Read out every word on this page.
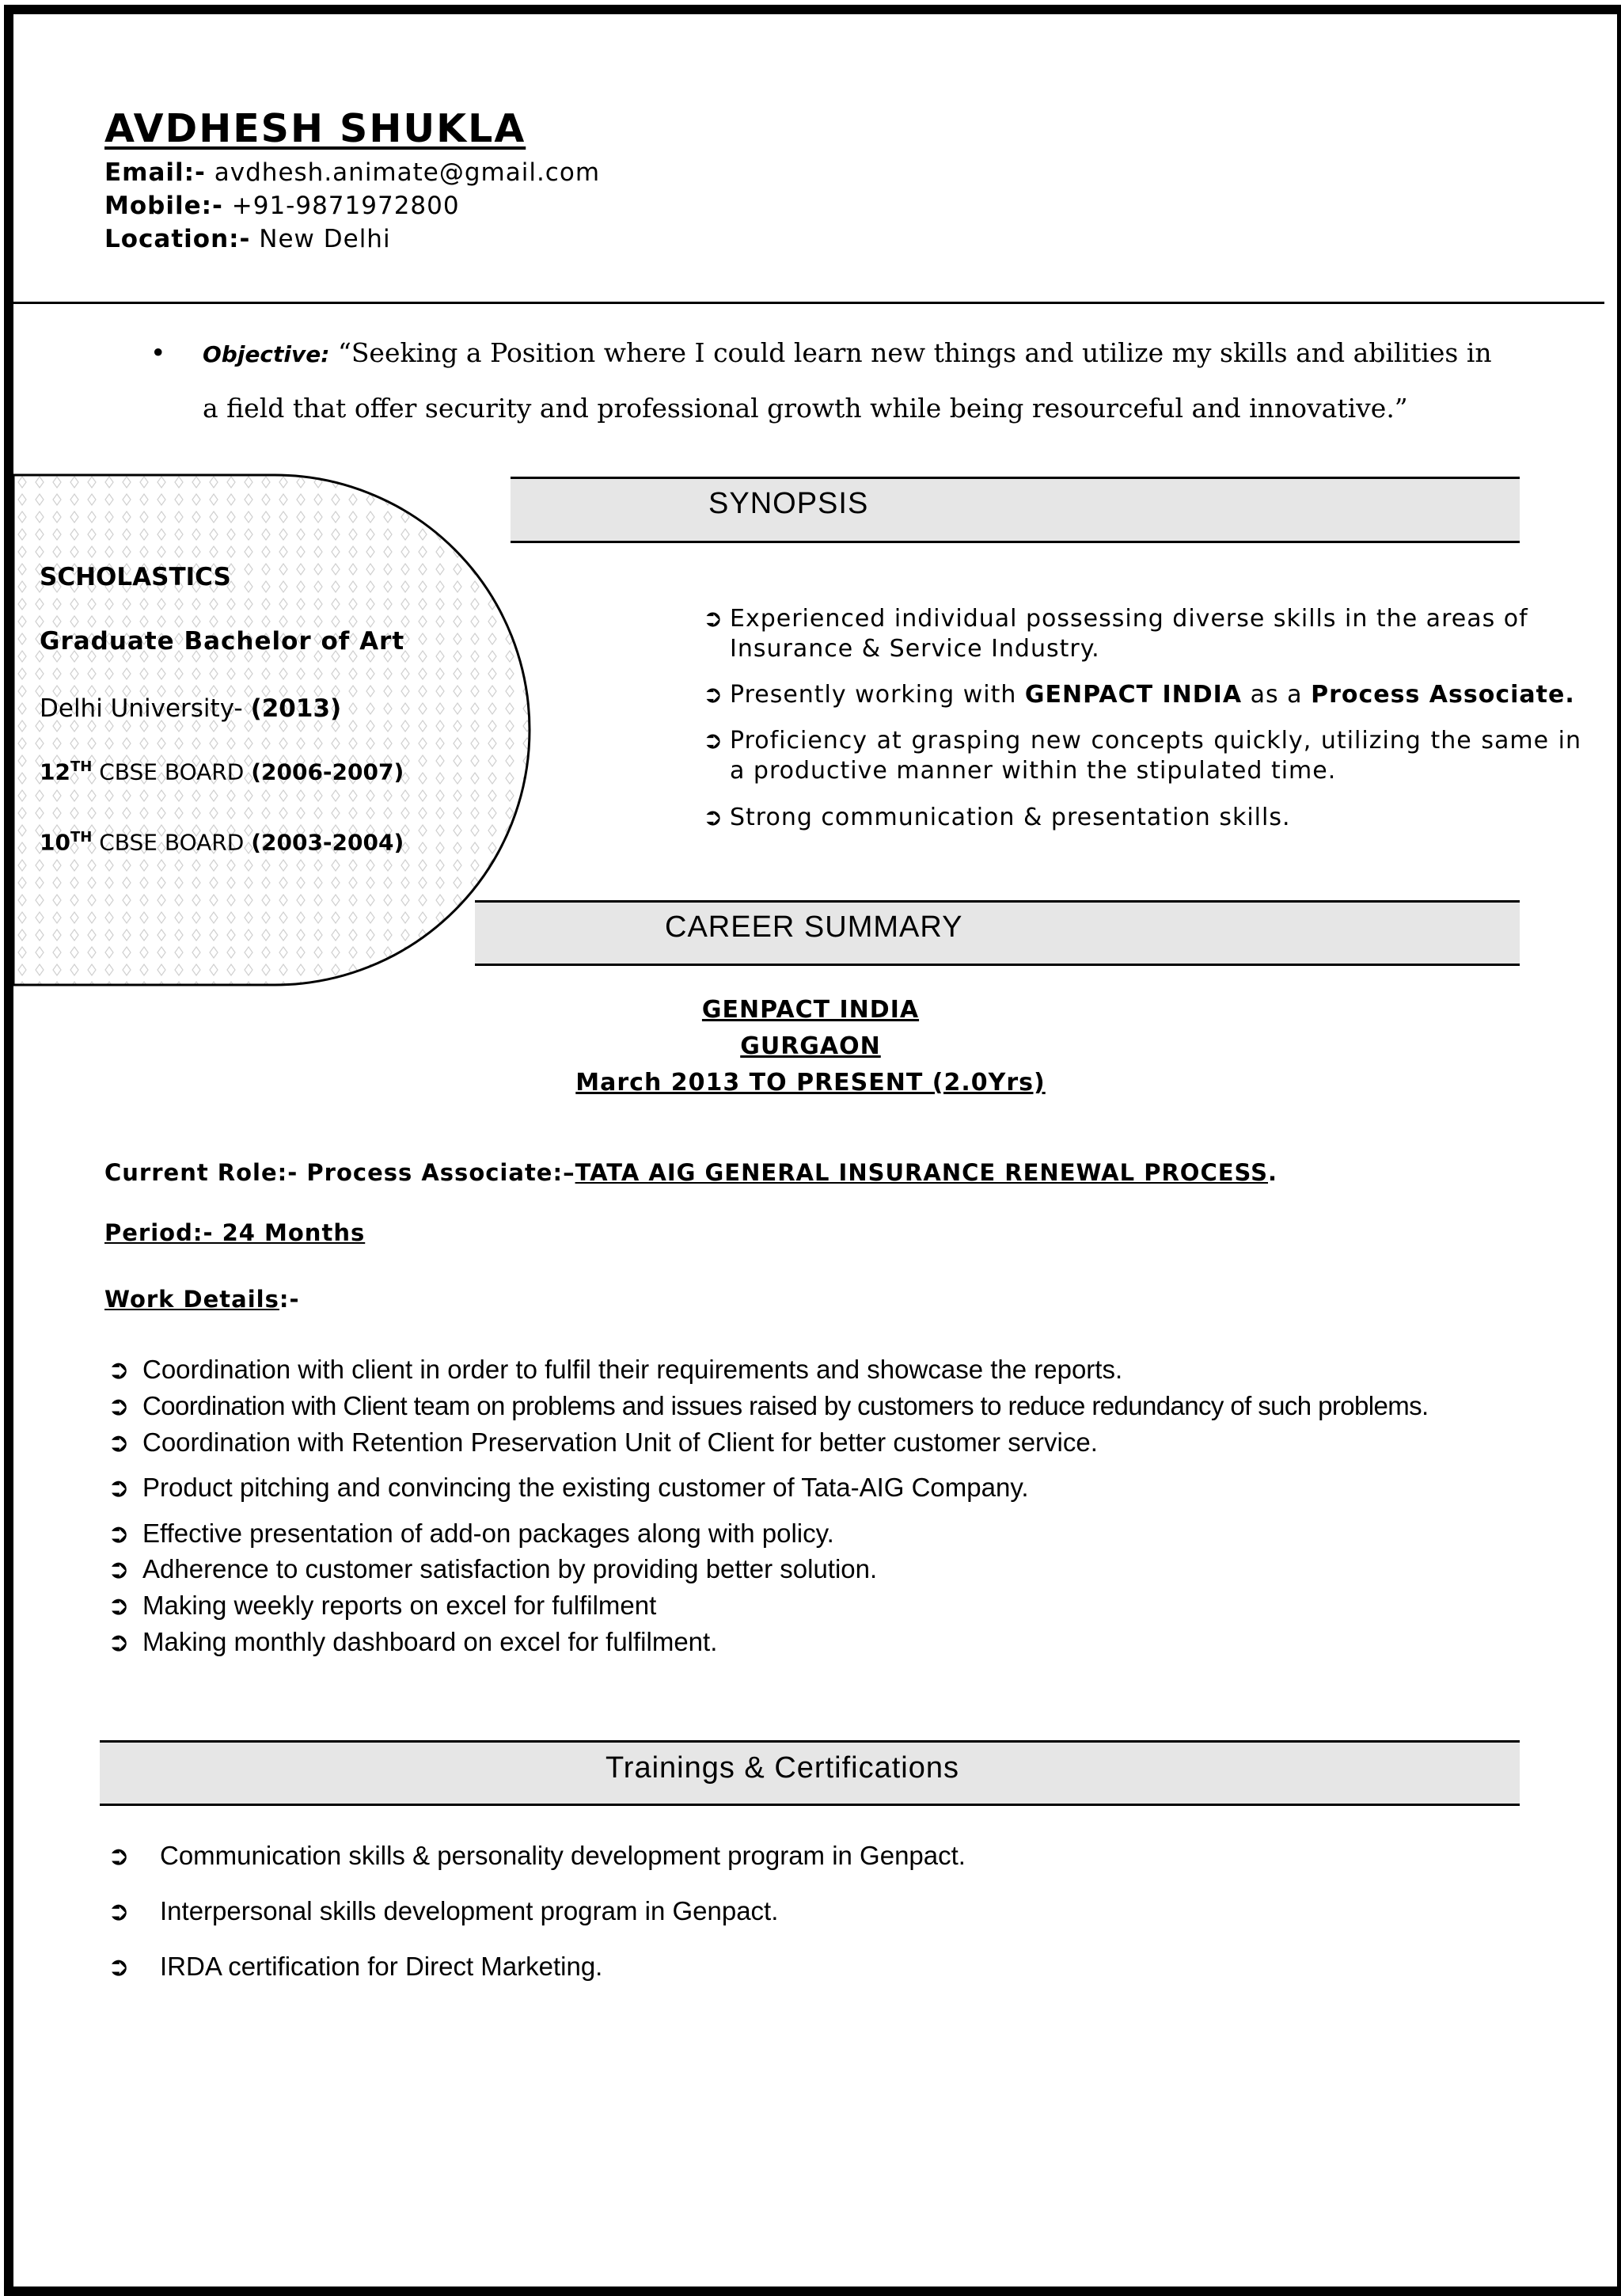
AVDHESH SHUKLA
Email:- avdhesh.animate@gmail.com
Mobile:- +91-9871972800
Location:- New Delhi
•	Objective: “Seeking a Position where I could learn new things and utilize my skills and abilities in a field that offer security and professional growth while being resourceful and innovative.”
SYNOPSIS
SCHOLASTICS
Graduate Bachelor of Art
Delhi University- (2013)
12TH CBSE BOARD (2006-2007)
10TH CBSE BOARD (2003-2004)
➲ Experienced individual possessing diverse skills in the areas of Insurance & Service Industry.
➲ Presently working with GENPACT INDIA as a Process Associate.
➲ Proficiency at grasping new concepts quickly, utilizing the same in a productive manner within the stipulated time.
➲ Strong communication & presentation skills.
CAREER SUMMARY
GENPACT INDIA
GURGAON
March 2013 TO PRESENT (2.0Yrs)
Current Role:- Process Associate:–TATA AIG GENERAL INSURANCE RENEWAL PROCESS.
Period:- 24 Months
Work Details:-
➲ Coordination with client in order to fulfil their requirements and showcase the reports.
➲ Coordination with Client team on problems and issues raised by customers to reduce redundancy of such problems.
➲ Coordination with Retention Preservation Unit of Client for better customer service.
➲ Product pitching and convincing the existing customer of Tata-AIG Company.
➲ Effective presentation of add-on packages along with policy.
➲ Adherence to customer satisfaction by providing better solution.
➲ Making weekly reports on excel for fulfilment
➲ Making monthly dashboard on excel for fulfilment.
Trainings & Certifications
➲ Communication skills & personality development program in Genpact.
➲ Interpersonal skills development program in Genpact.
➲ IRDA certification for Direct Marketing.
